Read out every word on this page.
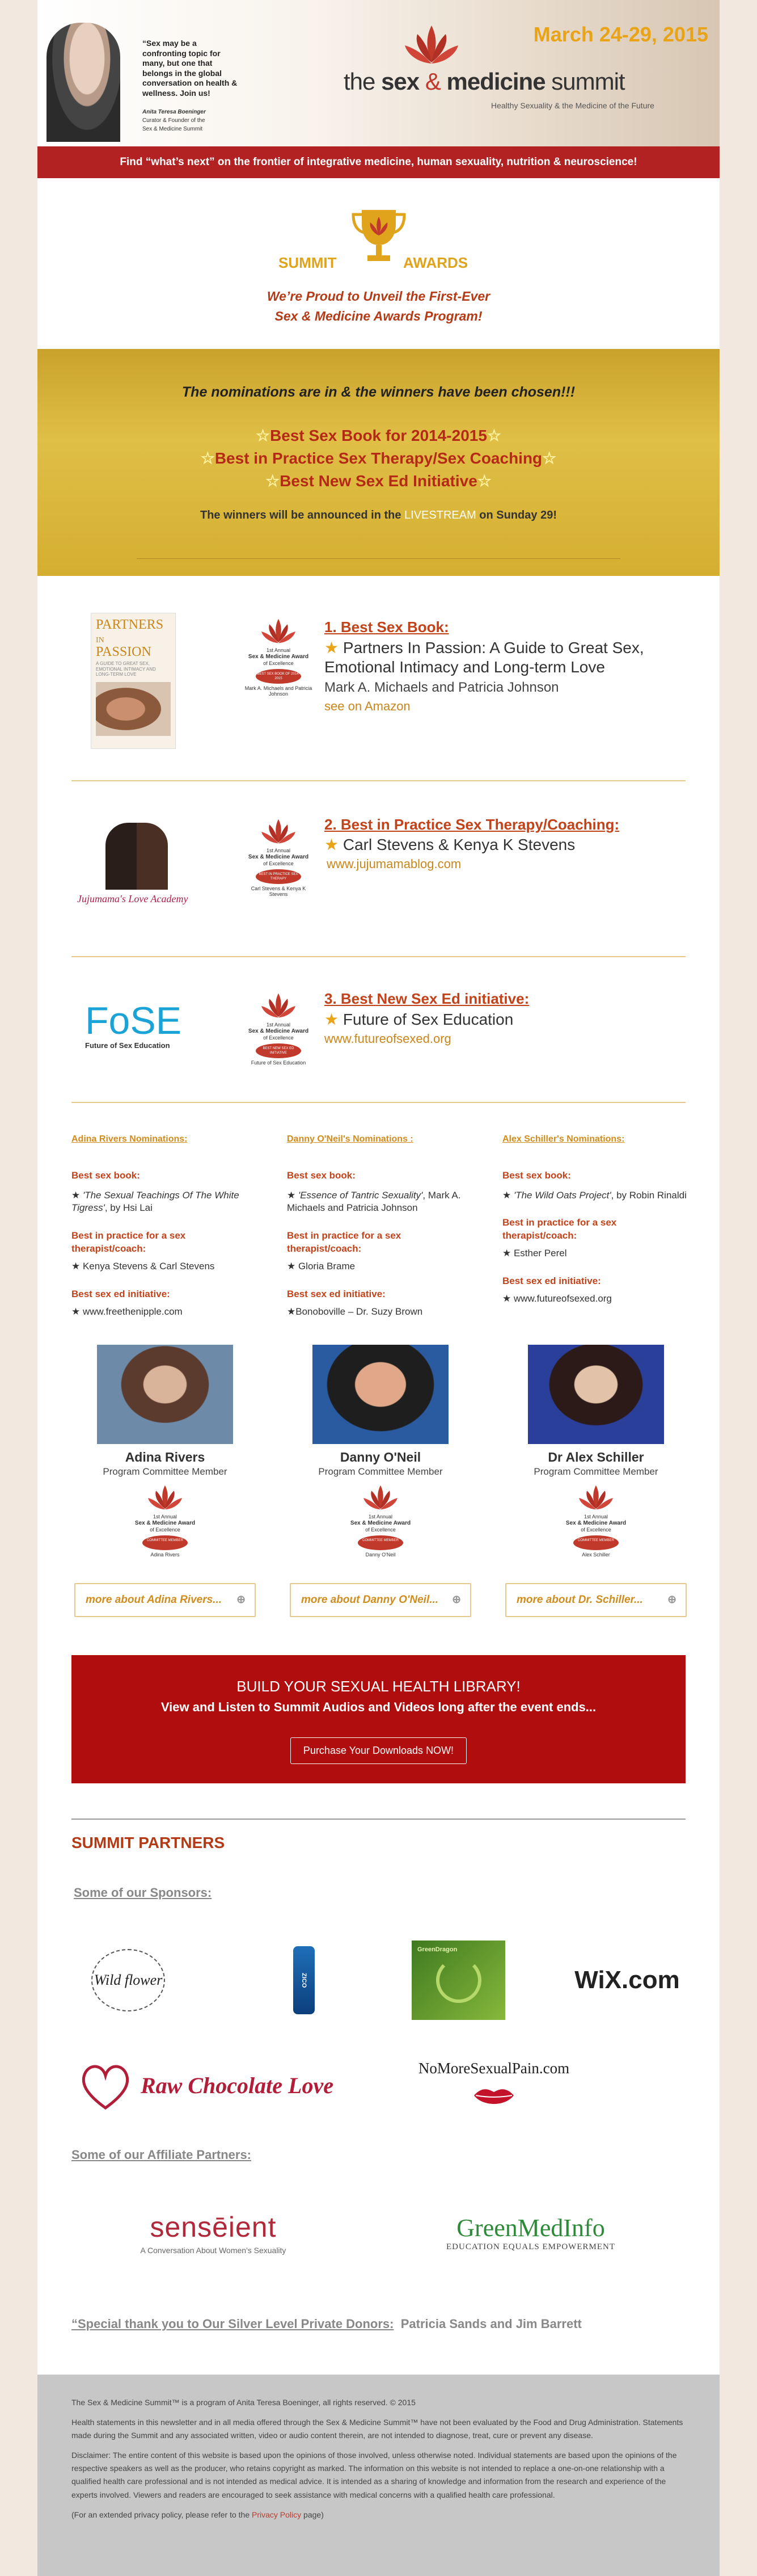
“Sex may be a confronting topic for many, but one that belongs in the global conversation on health & wellness. Join us!
Anita Teresa Boeninger
Curator & Founder of the
Sex & Medicine Summit
March 24-29, 2015
the sex & medicine summit
Healthy Sexuality & the Medicine of the Future
Find “what’s next” on the frontier of integrative medicine, human sexuality, nutrition & neuroscience!
SUMMIT	AWARDS
We’re Proud to Unveil the First-Ever
Sex & Medicine Awards Program!
The nominations are in & the winners have been chosen!!!
☆Best Sex Book for 2014-2015☆
☆Best in Practice Sex Therapy/Sex Coaching☆
☆Best New Sex Ed Initiative☆
The winners will be announced in the LIVESTREAM on Sunday 29!
PARTNERS
IN
PASSION
A GUIDE TO GREAT SEX, EMOTIONAL INTIMACY AND LONG-TERM LOVE
1st Annual
Sex & Medicine Award
of Excellence
BEST SEX BOOK OF 2014-2015
Mark A. Michaels and Patricia Johnson
1. Best Sex Book:
★ Partners In Passion: A Guide to Great Sex, Emotional Intimacy and Long-term Love
Mark A. Michaels and Patricia Johnson
see on Amazon
Jujumama's Love Academy
1st Annual
Sex & Medicine Award
of Excellence
BEST IN PRACTICE SEX THERAPY
Carl Stevens & Kenya K Stevens
2. Best in Practice Sex Therapy/Coaching:
★ Carl Stevens & Kenya K Stevens
www.jujumamablog.com
FoSE
Future of Sex Education
1st Annual
Sex & Medicine Award
of Excellence
BEST NEW SEX ED INITIATIVE
Future of Sex Education
3. Best New Sex Ed initiative:
★ Future of Sex Education
www.futureofsexed.org
Adina Rivers Nominations:
Best sex book:
★ 'The Sexual Teachings Of The White Tigress', by Hsi Lai
Best in practice for a sex therapist/coach:
★ Kenya Stevens & Carl Stevens
Best sex ed initiative:
★ www.freethenipple.com
Adina Rivers
Program Committee Member
1st Annual
Sex & Medicine Award
of Excellence
COMMITTEE MEMBER
Adina Rivers
more about Adina Rivers... ⊕
Danny O'Neil's Nominations :
Best sex book:
★ 'Essence of Tantric Sexuality', Mark A. Michaels and Patricia Johnson
Best in practice for a sex therapist/coach:
★ Gloria Brame
Best sex ed initiative:
★Bonoboville – Dr. Suzy Brown
Danny O'Neil
Program Committee Member
1st Annual
Sex & Medicine Award
of Excellence
COMMITTEE MEMBER
Danny O'Neil
more about Danny O'Neil... ⊕
Alex Schiller's Nominations:
Best sex book:
★ 'The Wild Oats Project', by Robin Rinaldi
Best in practice for a sex therapist/coach:
★ Esther Perel
Best sex ed initiative:
★ www.futureofsexed.org
Dr Alex Schiller
Program Committee Member
1st Annual
Sex & Medicine Award
of Excellence
COMMITTEE MEMBER
Alex Schiller
more about Dr. Schiller... ⊕
BUILD YOUR SEXUAL HEALTH LIBRARY!
View and Listen to Summit Audios and Videos long after the event ends...
Purchase Your Downloads NOW!
SUMMIT PARTNERS
Some of our Sponsors:
Wild flower	ZICO
GreenDragon
WiX.com
Raw Chocolate Love
NoMoreSexualPain.com
Some of our Affiliate Partners:
sensēient
A Conversation About Women's Sexuality
GreenMedInfo
EDUCATION EQUALS EMPOWERMENT
“Special thank you to Our Silver Level Private Donors: Patricia Sands and Jim Barrett

The Sex & Medicine Summit™ is a program of Anita Teresa Boeninger, all rights reserved. © 2015

Health statements in this newsletter and in all media offered through the Sex & Medicine Summit™ have not been evaluated by the Food and Drug Administration. Statements made during the Summit and any associated written, video or audio content therein, are not intended to diagnose, treat, cure or prevent any disease.

Disclaimer: The entire content of this website is based upon the opinions of those involved, unless otherwise noted. Individual statements are based upon the opinions of the respective speakers as well as the producer, who retains copyright as marked. The information on this website is not intended to replace a one-on-one relationship with a qualified health care professional and is not intended as medical advice. It is intended as a sharing of knowledge and information from the research and experience of the experts involved. Viewers and readers are encouraged to seek assistance with medical concerns with a qualified health care professional.

(For an extended privacy policy, please refer to the Privacy Policy page)
